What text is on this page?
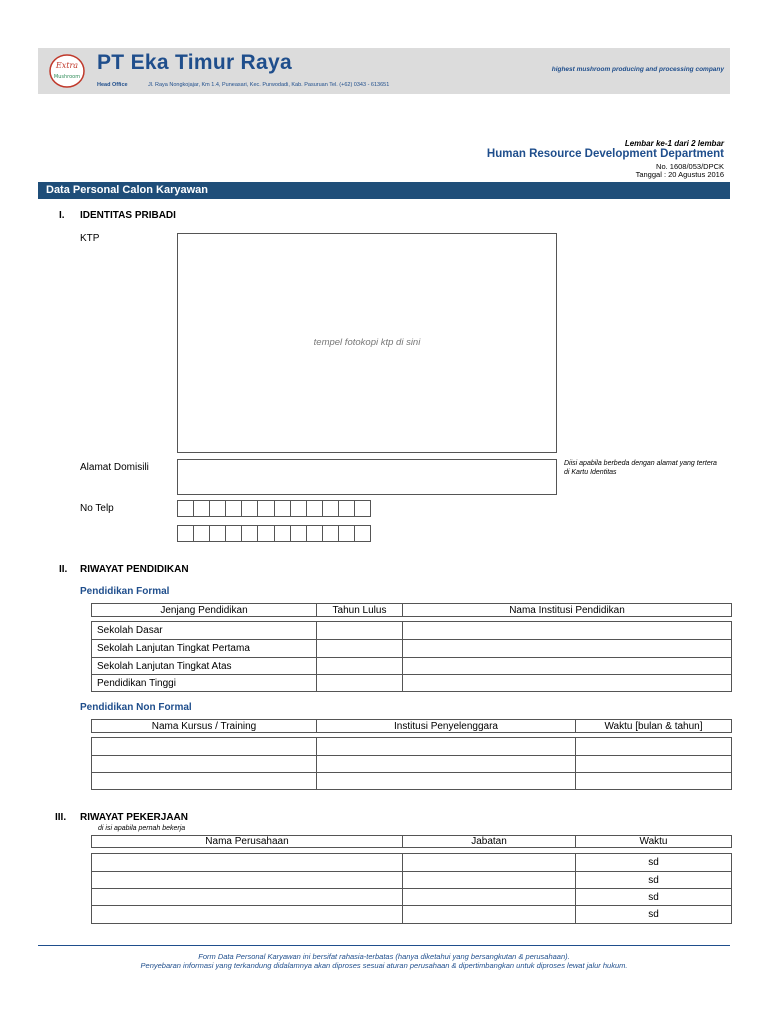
Extra
Mushroom
PT Eka Timur Raya	highest mushroom producing and processing company
Head Office	Jl. Raya Nongkojajar, Km 1.4, Puneasari, Kec. Purwodadi, Kab. Pasuruan Tel. (+62) 0343 - 613651
Lembar ke-1 dari 2 lembar
Human Resource Development Department
No. 1608/053/DPCK
Tanggal : 20 Agustus 2016
Data Personal Calon Karyawan
I. IDENTITAS PRIBADI
KTP
tempel fotokopi ktp di sini
Alamat Domisili	Diisi apabila berbeda dengan alamat yang tertera di Kartu Identitas
No Telp
II. RIWAYAT PENDIDIKAN
Pendidikan Formal
Jenjang Pendidikan	Tahun Lulus	Nama Institusi Pendidikan
Sekolah Dasar		
Sekolah Lanjutan Tingkat Pertama		
Sekolah Lanjutan Tingkat Atas		
Pendidikan Tinggi		
Pendidikan Non Formal
Nama Kursus / Training	Institusi Penyelenggara	Waktu [bulan & tahun]

III. RIWAYAT PEKERJAAN
di isi apabila pernah bekerja
Nama Perusahaan	Jabatan	Waktu
		sd
		sd
		sd
		sd
Form Data Personal Karyawan ini bersifat rahasia-terbatas (hanya diketahui yang bersangkutan & perusahaan).
Penyebaran informasi yang terkandung didalamnya akan diproses sesuai aturan perusahaan & dipertimbangkan untuk diproses lewat jalur hukum.
